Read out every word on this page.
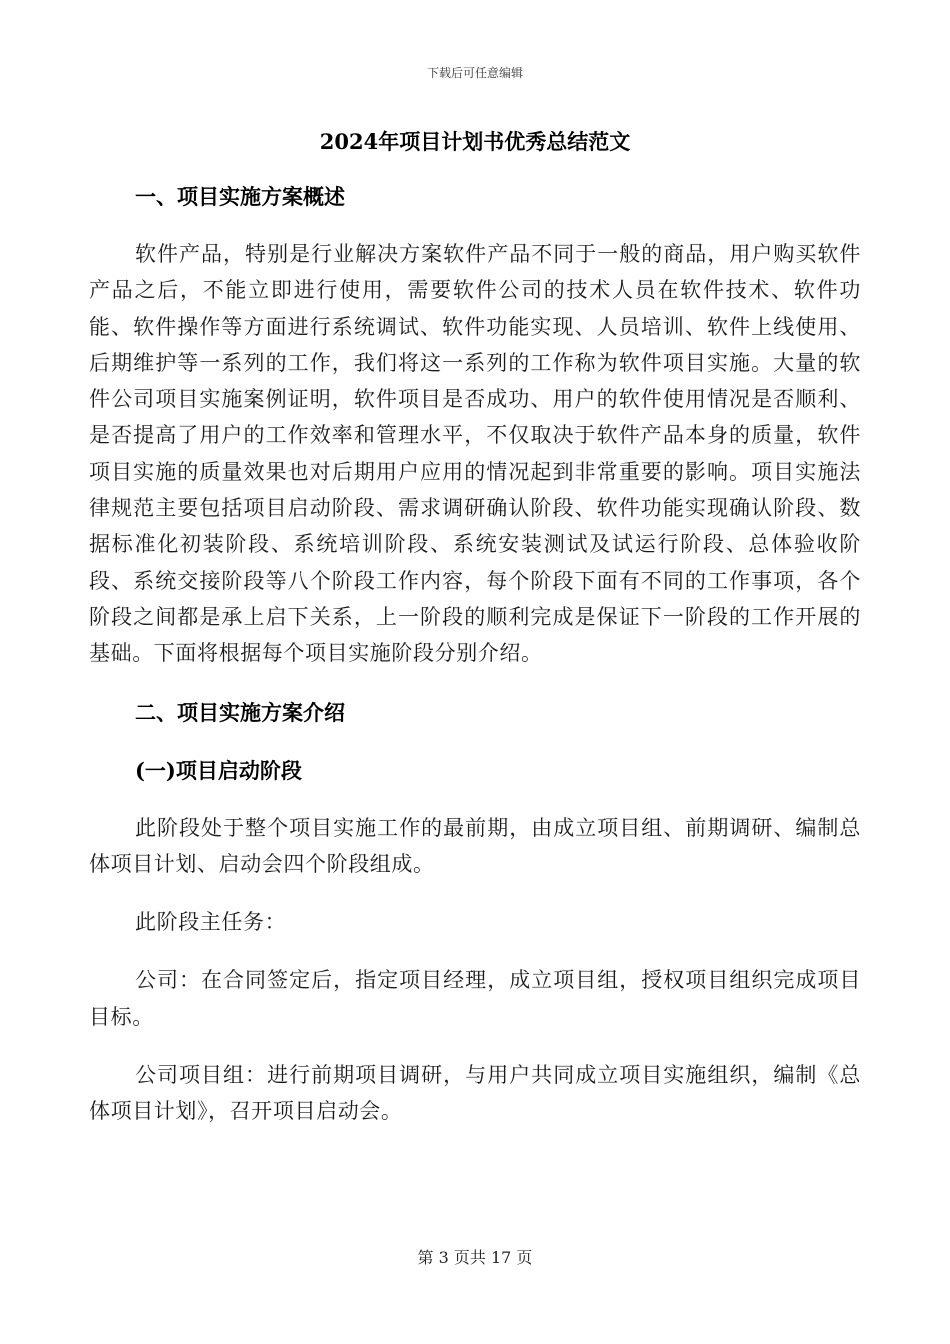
下载后可任意编辑
2024年项目计划书优秀总结范文

一、项目实施方案概述

软件产品，特别是行业解决方案软件产品不同于一般的商品，用户购买软件产品之后，不能立即进行使用，需要软件公司的技术人员在软件技术、软件功能、软件操作等方面进行系统调试、软件功能实现、人员培训、软件上线使用、后期维护等一系列的工作，我们将这一系列的工作称为软件项目实施。大量的软件公司项目实施案例证明，软件项目是否成功、用户的软件使用情况是否顺利、是否提高了用户的工作效率和管理水平，不仅取决于软件产品本身的质量，软件项目实施的质量效果也对后期用户应用的情况起到非常重要的影响。项目实施法律规范主要包括项目启动阶段、需求调研确认阶段、软件功能实现确认阶段、数据标准化初装阶段、系统培训阶段、系统安装测试及试运行阶段、总体验收阶段、系统交接阶段等八个阶段工作内容，每个阶段下面有不同的工作事项，各个阶段之间都是承上启下关系，上一阶段的顺利完成是保证下一阶段的工作开展的基础。下面将根据每个项目实施阶段分别介绍。

二、项目实施方案介绍

(一)项目启动阶段

此阶段处于整个项目实施工作的最前期，由成立项目组、前期调研、编制总体项目计划、启动会四个阶段组成。

此阶段主任务：

公司：在合同签定后，指定项目经理，成立项目组，授权项目组织完成项目目标。

公司项目组：进行前期项目调研，与用户共同成立项目实施组织，编制《总体项目计划》，召开项目启动会。

第 3 页共 17 页
